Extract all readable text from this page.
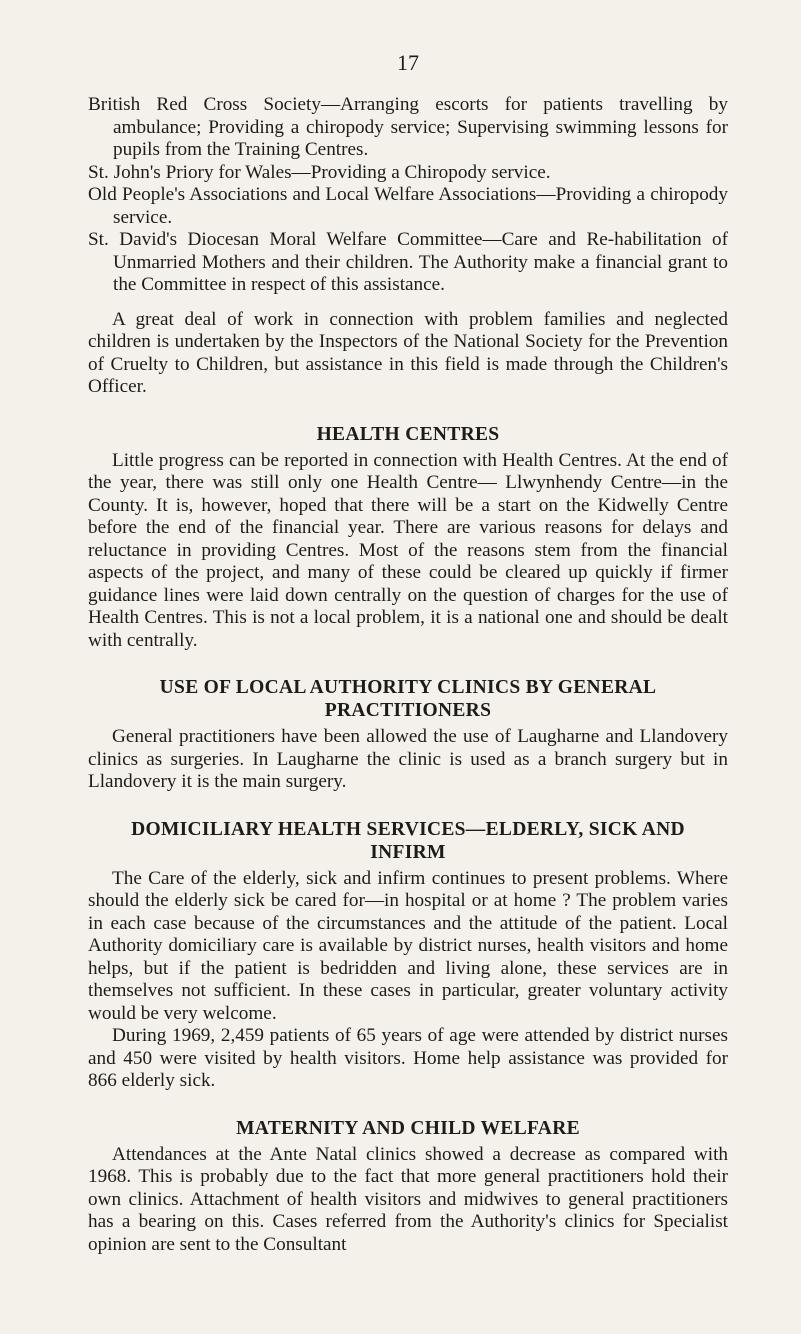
17

British Red Cross Society—Arranging escorts for patients travelling by ambulance; Providing a chiropody service; Supervising swimming lessons for pupils from the Training Centres.

St. John's Priory for Wales—Providing a Chiropody service.

Old People's Associations and Local Welfare Associations—Providing a chiropody service.

St. David's Diocesan Moral Welfare Committee—Care and Re-habilitation of Unmarried Mothers and their children. The Authority make a financial grant to the Committee in respect of this assistance.

A great deal of work in connection with problem families and neglected children is undertaken by the Inspectors of the National Society for the Prevention of Cruelty to Children, but assistance in this field is made through the Children's Officer.

HEALTH CENTRES

Little progress can be reported in connection with Health Centres. At the end of the year, there was still only one Health Centre— Llwynhendy Centre—in the County. It is, however, hoped that there will be a start on the Kidwelly Centre before the end of the financial year. There are various reasons for delays and reluctance in providing Centres. Most of the reasons stem from the financial aspects of the project, and many of these could be cleared up quickly if firmer guidance lines were laid down centrally on the question of charges for the use of Health Centres. This is not a local problem, it is a national one and should be dealt with centrally.

USE OF LOCAL AUTHORITY CLINICS BY GENERAL PRACTITIONERS

General practitioners have been allowed the use of Laugharne and Llandovery clinics as surgeries. In Laugharne the clinic is used as a branch surgery but in Llandovery it is the main surgery.

DOMICILIARY HEALTH SERVICES—ELDERLY, SICK AND INFIRM

The Care of the elderly, sick and infirm continues to present problems. Where should the elderly sick be cared for—in hospital or at home ? The problem varies in each case because of the circumstances and the attitude of the patient. Local Authority domiciliary care is available by district nurses, health visitors and home helps, but if the patient is bedridden and living alone, these services are in themselves not sufficient. In these cases in particular, greater voluntary activity would be very welcome.

During 1969, 2,459 patients of 65 years of age were attended by district nurses and 450 were visited by health visitors. Home help assistance was provided for 866 elderly sick.

MATERNITY AND CHILD WELFARE

Attendances at the Ante Natal clinics showed a decrease as compared with 1968. This is probably due to the fact that more general practitioners hold their own clinics. Attachment of health visitors and midwives to general practitioners has a bearing on this. Cases referred from the Authority's clinics for Specialist opinion are sent to the Consultant
